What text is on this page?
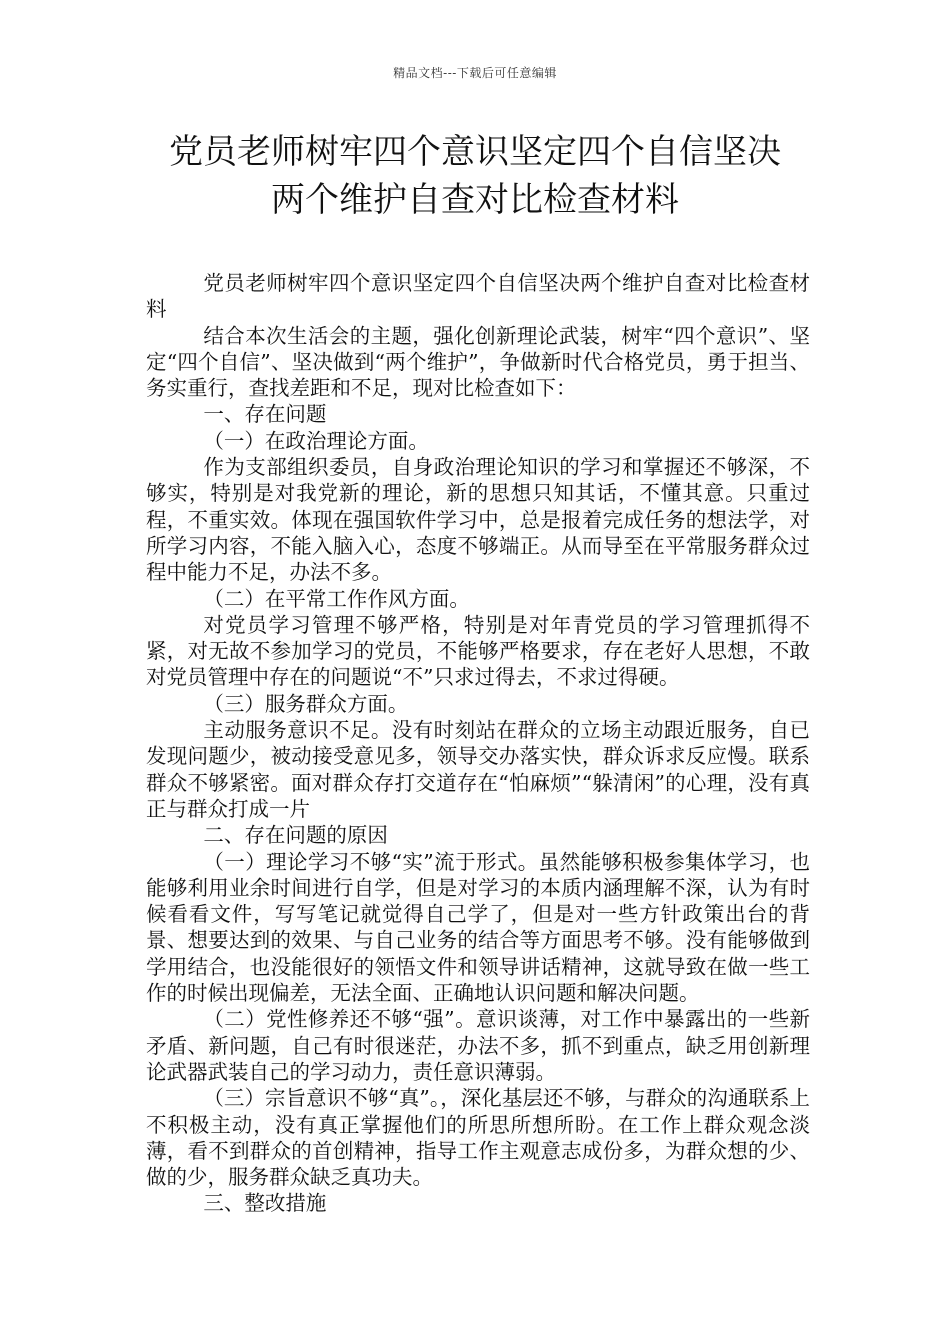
精品文档---下载后可任意编辑
党员老师树牢四个意识坚定四个自信坚决
两个维护自查对比检查材料

党员老师树牢四个意识坚定四个自信坚决两个维护自查对比检查材料

结合本次生活会的主题，强化创新理论武装，树牢“四个意识”、坚定“四个自信”、坚决做到“两个维护”，争做新时代合格党员，勇于担当、务实重行，查找差距和不足，现对比检查如下：

一、存在问题

（一）在政治理论方面。

作为支部组织委员，自身政治理论知识的学习和掌握还不够深，不够实，特别是对我党新的理论，新的思想只知其话，不懂其意。只重过程，不重实效。体现在强国软件学习中，总是报着完成任务的想法学，对所学习内容，不能入脑入心，态度不够端正。从而导至在平常服务群众过程中能力不足，办法不多。

（二）在平常工作作风方面。

对党员学习管理不够严格，特别是对年青党员的学习管理抓得不紧，对无故不参加学习的党员，不能够严格要求，存在老好人思想，不敢对党员管理中存在的问题说“不”只求过得去，不求过得硬。

（三）服务群众方面。

主动服务意识不足。没有时刻站在群众的立场主动跟近服务，自已发现问题少，被动接受意见多，领导交办落实快，群众诉求反应慢。联系群众不够紧密。面对群众存打交道存在“怕麻烦”“躲清闲”的心理，没有真正与群众打成一片

二、存在问题的原因

（一）理论学习不够“实”流于形式。虽然能够积极参集体学习，也能够利用业余时间进行自学，但是对学习的本质内涵理解不深，认为有时候看看文件，写写笔记就觉得自己学了，但是对一些方针政策出台的背景、想要达到的效果、与自己业务的结合等方面思考不够。没有能够做到学用结合，也没能很好的领悟文件和领导讲话精神，这就导致在做一些工作的时候出现偏差，无法全面、正确地认识问题和解决问题。

（二）党性修养还不够“强”。意识谈薄，对工作中暴露出的一些新矛盾、新问题，自己有时很迷茫，办法不多，抓不到重点，缺乏用创新理论武器武装自己的学习动力，责任意识薄弱。

（三）宗旨意识不够“真”。，深化基层还不够，与群众的沟通联系上不积极主动，没有真正掌握他们的所思所想所盼。在工作上群众观念淡薄，看不到群众的首创精神，指导工作主观意志成份多，为群众想的少、做的少，服务群众缺乏真功夫。

三、整改措施
